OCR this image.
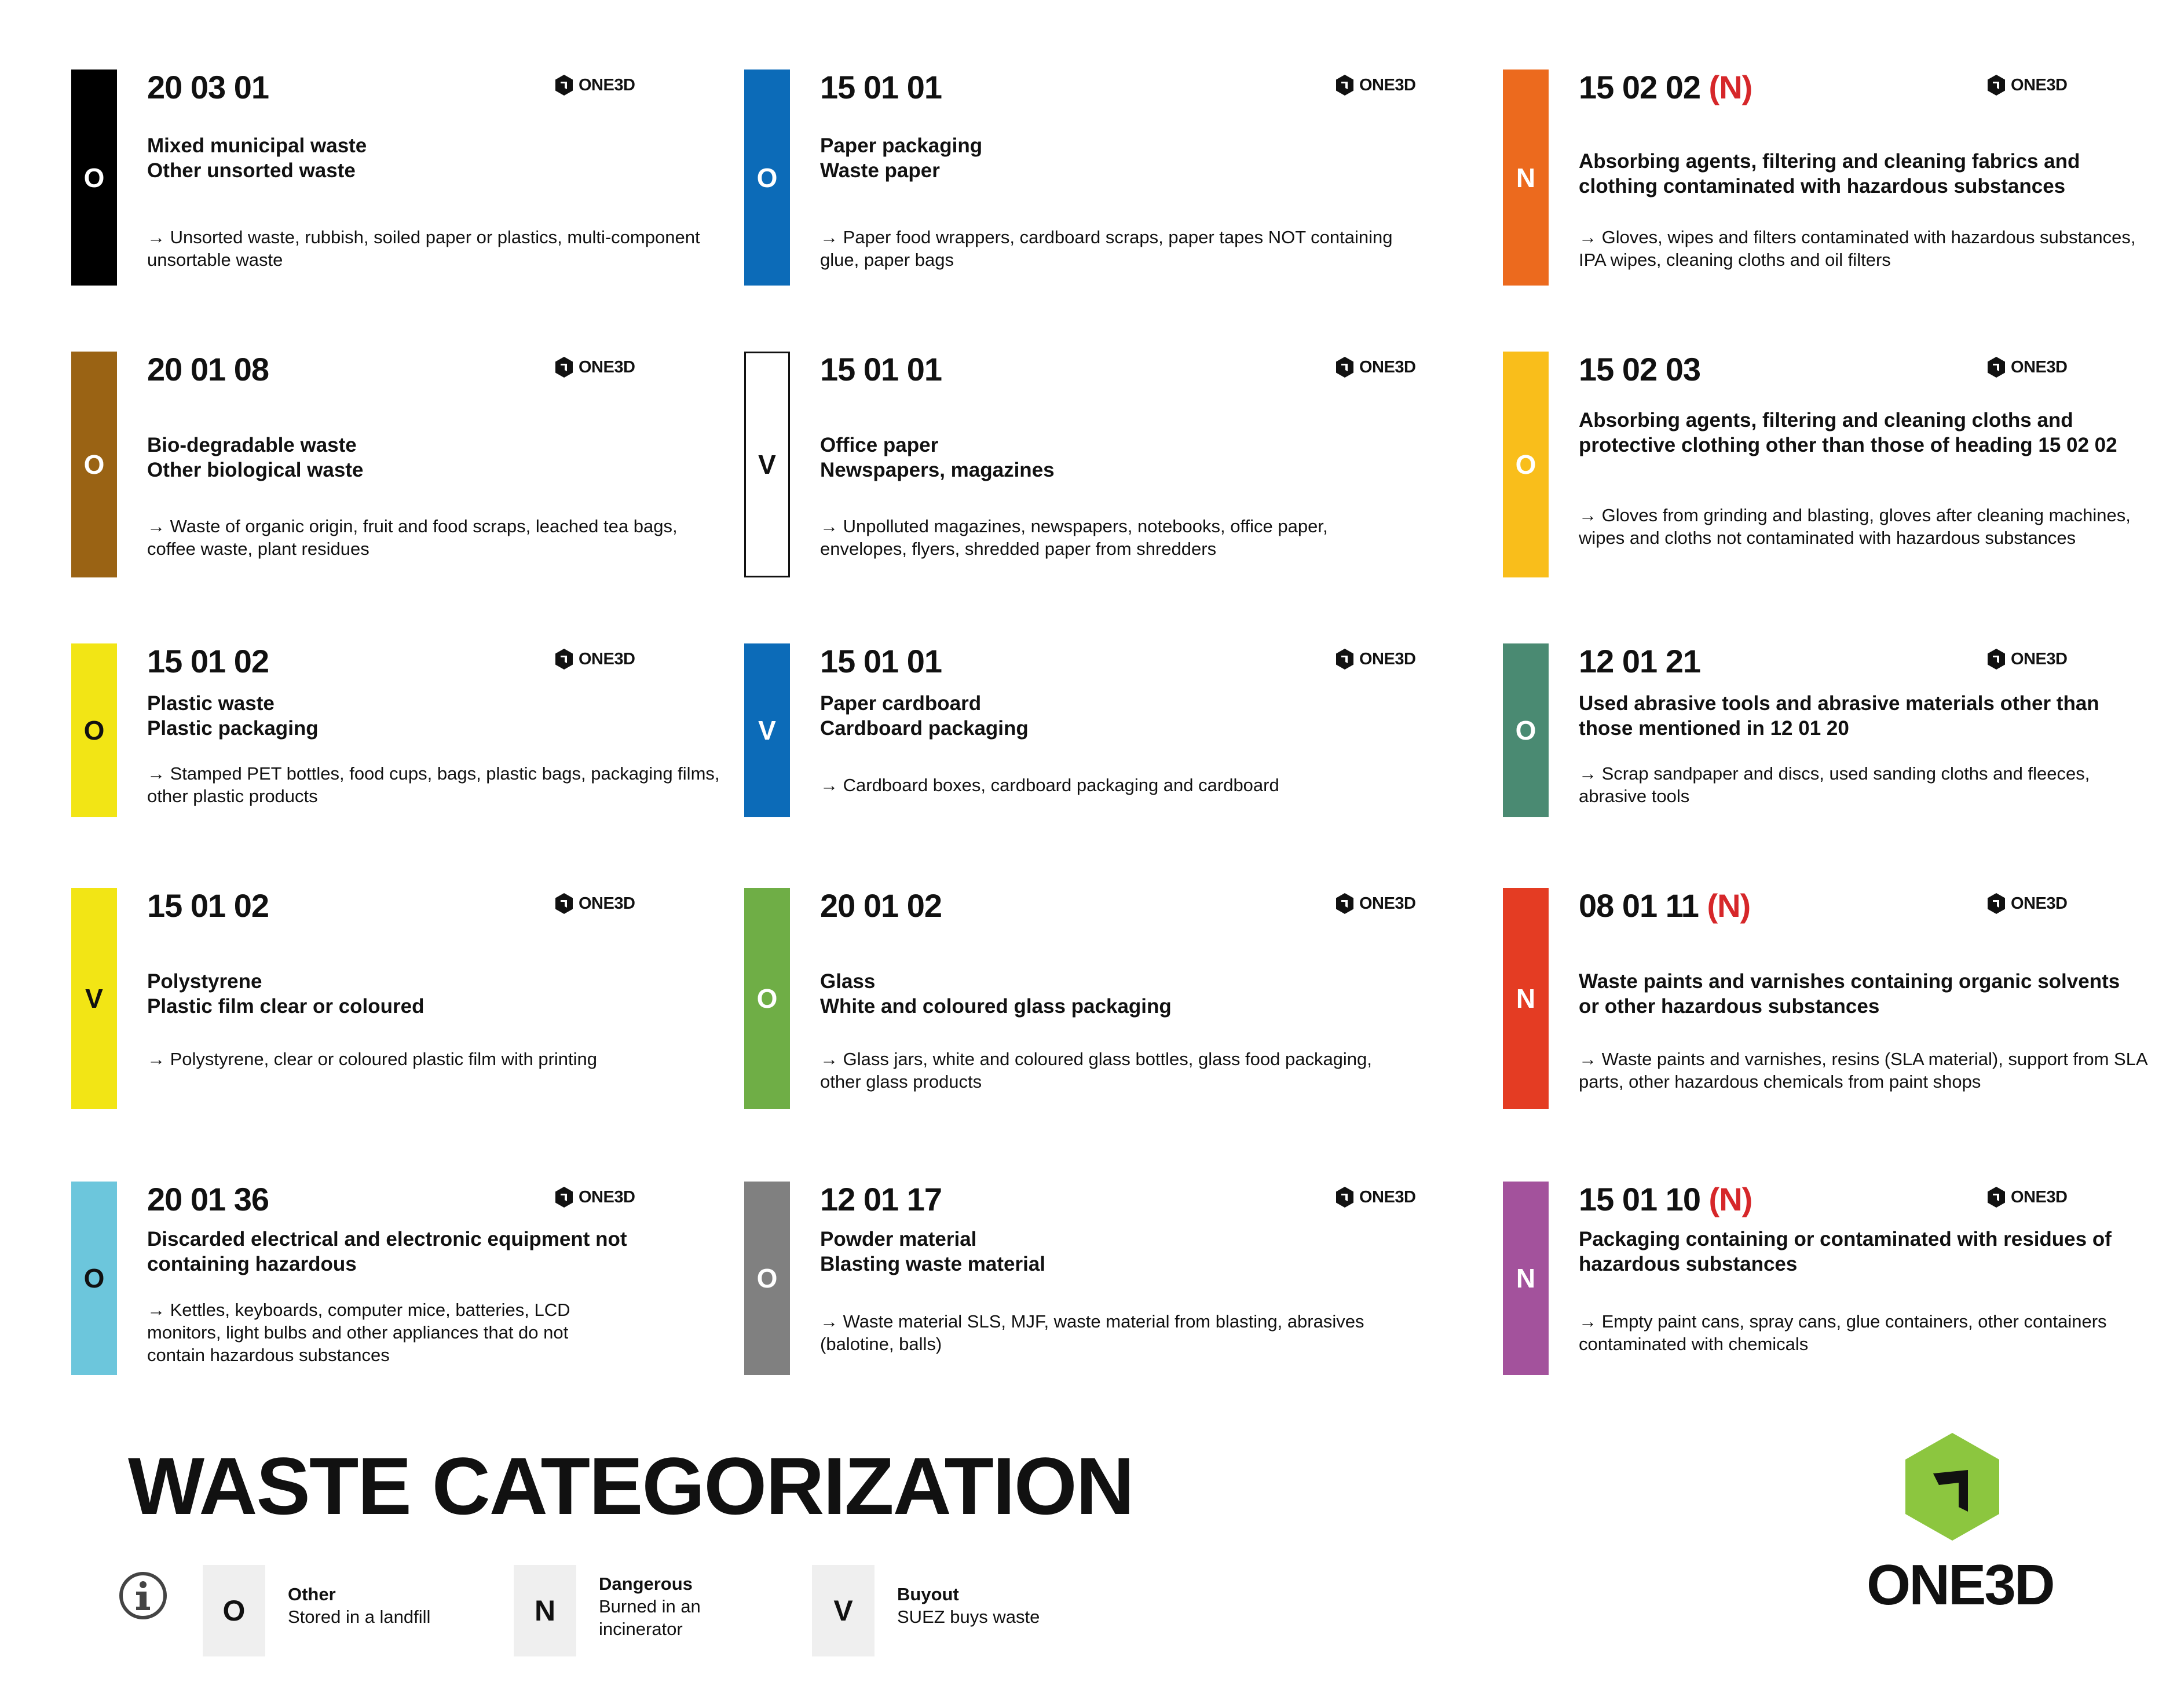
O
20 03 01	ONE3D
Mixed municipal waste
Other unsorted waste
→ Unsorted waste, rubbish, soiled paper or plastics, multi-component unsortable waste
O
15 01 01	ONE3D
Paper packaging
Waste paper
→ Paper food wrappers, cardboard scraps, paper tapes NOT containing glue, paper bags
N
15 02 02 (N)	ONE3D
Absorbing agents, filtering and cleaning fabrics and clothing contaminated with hazardous substances
→ Gloves, wipes and filters contaminated with hazardous substances, IPA wipes, cleaning cloths and oil filters
O
20 01 08	ONE3D
Bio-degradable waste
Other biological waste
→ Waste of organic origin, fruit and food scraps, leached tea bags, coffee waste, plant residues
V
15 01 01	ONE3D
Office paper
Newspapers, magazines
→ Unpolluted magazines, newspapers, notebooks, office paper, envelopes, flyers, shredded paper from shredders
O
15 02 03	ONE3D
Absorbing agents, filtering and cleaning cloths and protective clothing other than those of heading 15 02 02
→ Gloves from grinding and blasting, gloves after cleaning machines, wipes and cloths not contaminated with hazardous substances
O
15 01 02	ONE3D
Plastic waste
Plastic packaging
→ Stamped PET bottles, food cups, bags, plastic bags, packaging films, other plastic products
V
15 01 01	ONE3D
Paper cardboard
Cardboard packaging
→ Cardboard boxes, cardboard packaging and cardboard
O
12 01 21	ONE3D
Used abrasive tools and abrasive materials other than those mentioned in 12 01 20
→ Scrap sandpaper and discs, used sanding cloths and fleeces, abrasive tools
V
15 01 02	ONE3D
Polystyrene
Plastic film clear or coloured
→ Polystyrene, clear or coloured plastic film with printing
O
20 01 02	ONE3D
Glass
White and coloured glass packaging
→ Glass jars, white and coloured glass bottles, glass food packaging, other glass products
N
08 01 11 (N)	ONE3D
Waste paints and varnishes containing organic solvents or other hazardous substances
→ Waste paints and varnishes, resins (SLA material), support from SLA parts, other hazardous chemicals from paint shops
O
20 01 36	ONE3D
Discarded electrical and electronic equipment not containing hazardous
→ Kettles, keyboards, computer mice, batteries, LCD monitors, light bulbs and other appliances that do not contain hazardous substances
O
12 01 17	ONE3D
Powder material
Blasting waste material
→ Waste material SLS, MJF, waste material from blasting, abrasives (balotine, balls)
N
15 01 10 (N)	ONE3D
Packaging containing or contaminated with residues of hazardous substances
→ Empty paint cans, spray cans, glue containers, other containers contaminated with chemicals
WASTE CATEGORIZATION
O
Other
Stored in a landfill	N
Dangerous
Burned in an incinerator
V
Buyout
SUEZ buys waste
ONE3D
